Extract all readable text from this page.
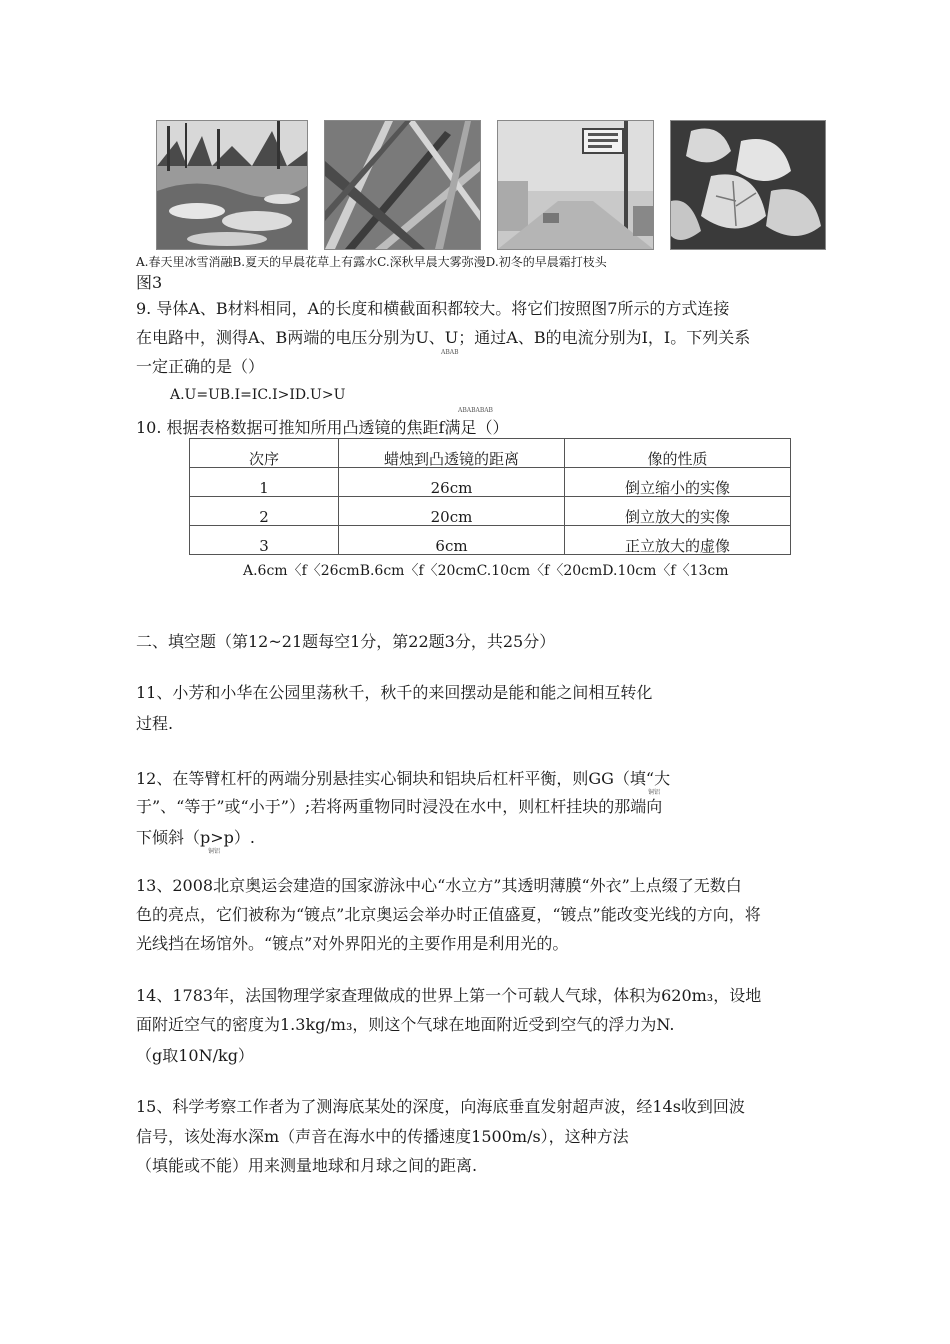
A.春天里冰雪消融B.夏天的早晨花草上有露水C.深秋早晨大雾弥漫D.初冬的早晨霜打枝头
图3
9. 导体A、B材料相同，A的长度和横截面积都较大。将它们按照图7所示的方式连接
在电路中，测得A、B两端的电压分别为U、U；通过A、B的电流分别为I，I。下列关系
ABAB
一定正确的是（）
A.U=UB.I=IC.I>ID.U>U
ABABABAB
10. 根据表格数据可推知所用凸透镜的焦距f满足（）
次序	蜡烛到凸透镜的距离	像的性质
1	26cm	倒立缩小的实像
2	20cm	倒立放大的实像
3	6cm	正立放大的虚像
A.6cm〈f〈26cmB.6cm〈f〈20cmC.10cm〈f〈20cmD.10cm〈f〈13cm
二、填空题（第12~21题每空1分，第22题3分，共25分）
11、小芳和小华在公园里荡秋千，秋千的来回摆动是能和能之间相互转化
过程.
12、在等臂杠杆的两端分别悬挂实心铜块和铝块后杠杆平衡，则GG（填“大
铜铝
于”、“等于”或“小于”）;若将两重物同时浸没在水中，则杠杆挂块的那端向
下倾斜（p>p）.
铜铝
13、2008北京奥运会建造的国家游泳中心“水立方”其透明薄膜“外衣”上点缀了无数白
色的亮点，它们被称为“镀点”北京奥运会举办时正值盛夏，“镀点”能改变光线的方向，将
光线挡在场馆外。“镀点”对外界阳光的主要作用是利用光的。
14、1783年，法国物理学家查理做成的世界上第一个可载人气球，体积为620m₃，设地
面附近空气的密度为1.3kg/m₃，则这个气球在地面附近受到空气的浮力为N.
（g取10N/kg）
15、科学考察工作者为了测海底某处的深度，向海底垂直发射超声波，经14s收到回波
信号，该处海水深m（声音在海水中的传播速度1500m/s），这种方法
（填能或不能）用来测量地球和月球之间的距离.
